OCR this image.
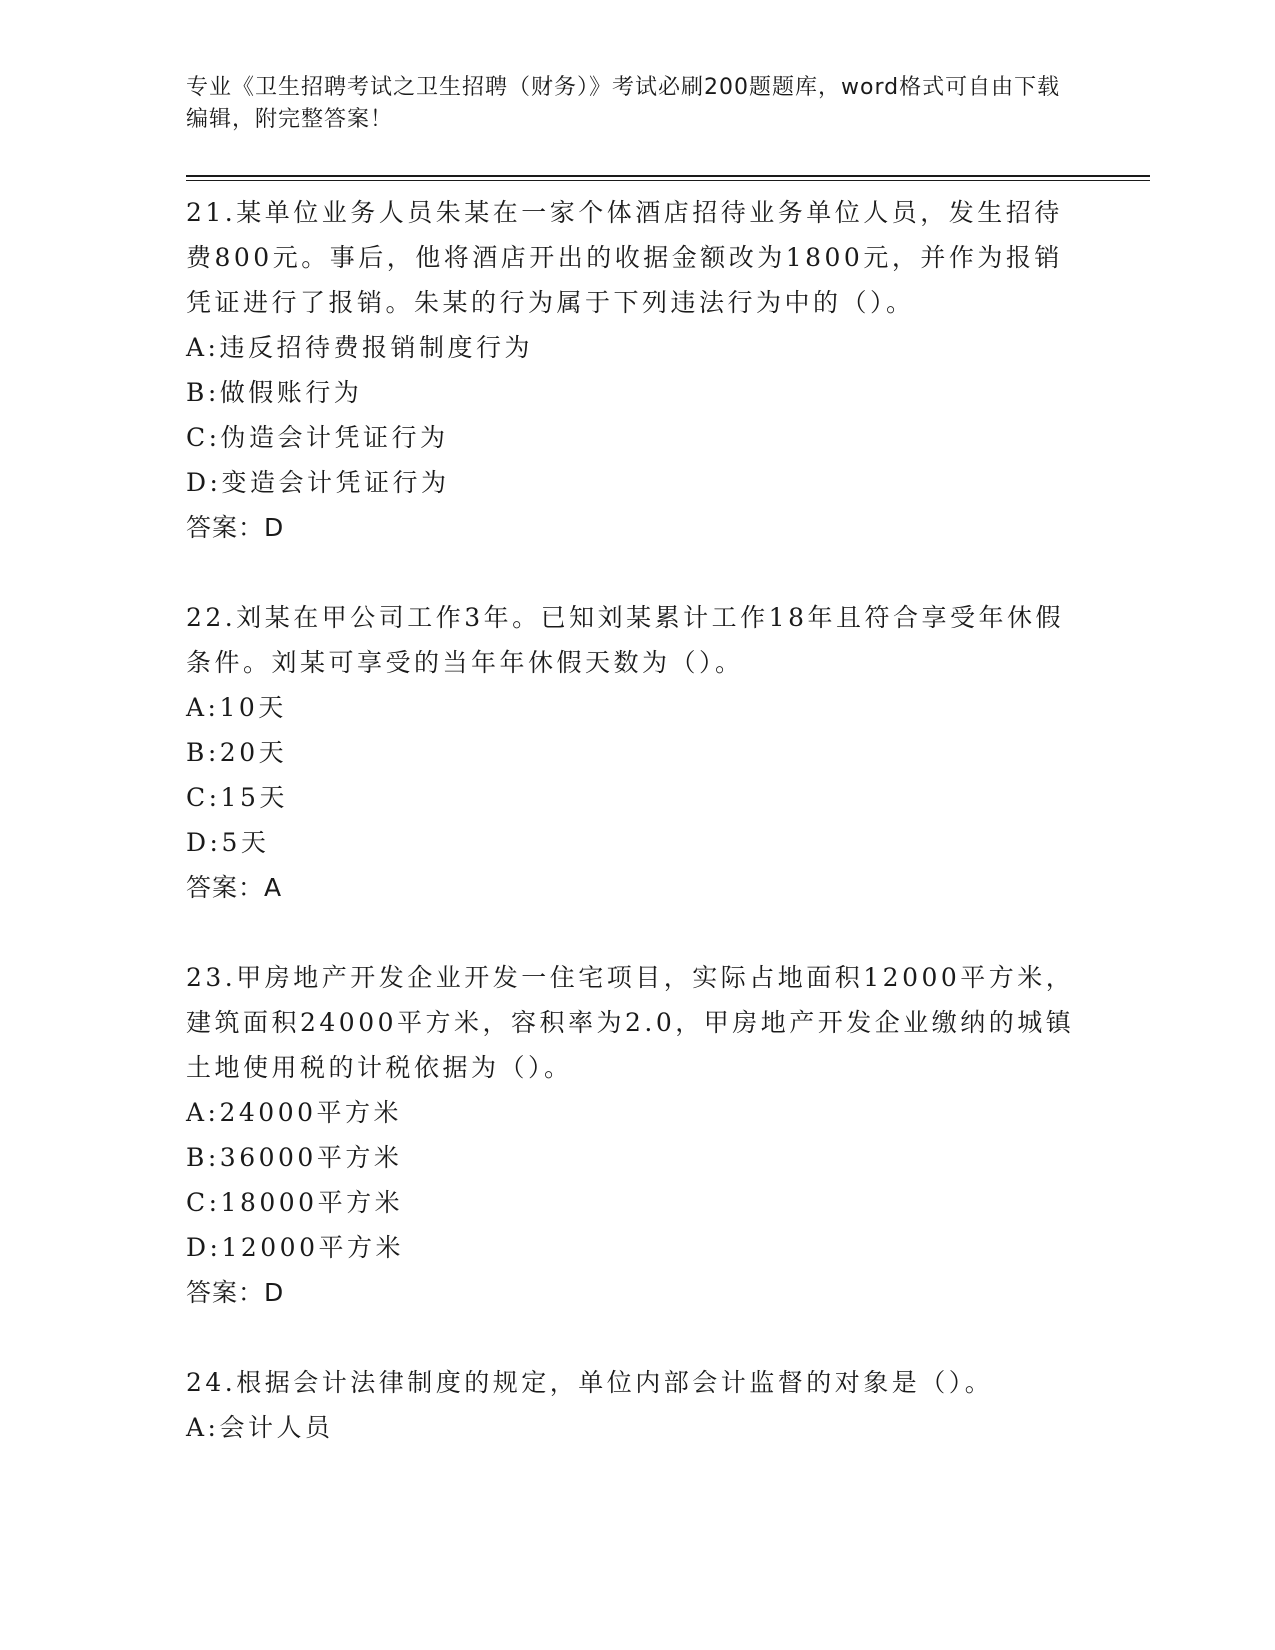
专业《卫生招聘考试之卫生招聘（财务）》考试必刷200题题库，word格式可自由下载编辑，附完整答案！

21.某单位业务人员朱某在一家个体酒店招待业务单位人员，发生招待费800元。事后，他将酒店开出的收据金额改为1800元，并作为报销凭证进行了报销。朱某的行为属于下列违法行为中的（）。

A:违反招待费报销制度行为

B:做假账行为

C:伪造会计凭证行为

D:变造会计凭证行为

答案：D

22.刘某在甲公司工作3年。已知刘某累计工作18年且符合享受年休假条件。刘某可享受的当年年休假天数为（）。

A:10天

B:20天

C:15天

D:5天

答案：A

23.甲房地产开发企业开发一住宅项目，实际占地面积12000平方米，建筑面积24000平方米，容积率为2.0，甲房地产开发企业缴纳的城镇土地使用税的计税依据为（）。

A:24000平方米

B:36000平方米

C:18000平方米

D:12000平方米

答案：D

24.根据会计法律制度的规定，单位内部会计监督的对象是（）。

A:会计人员
